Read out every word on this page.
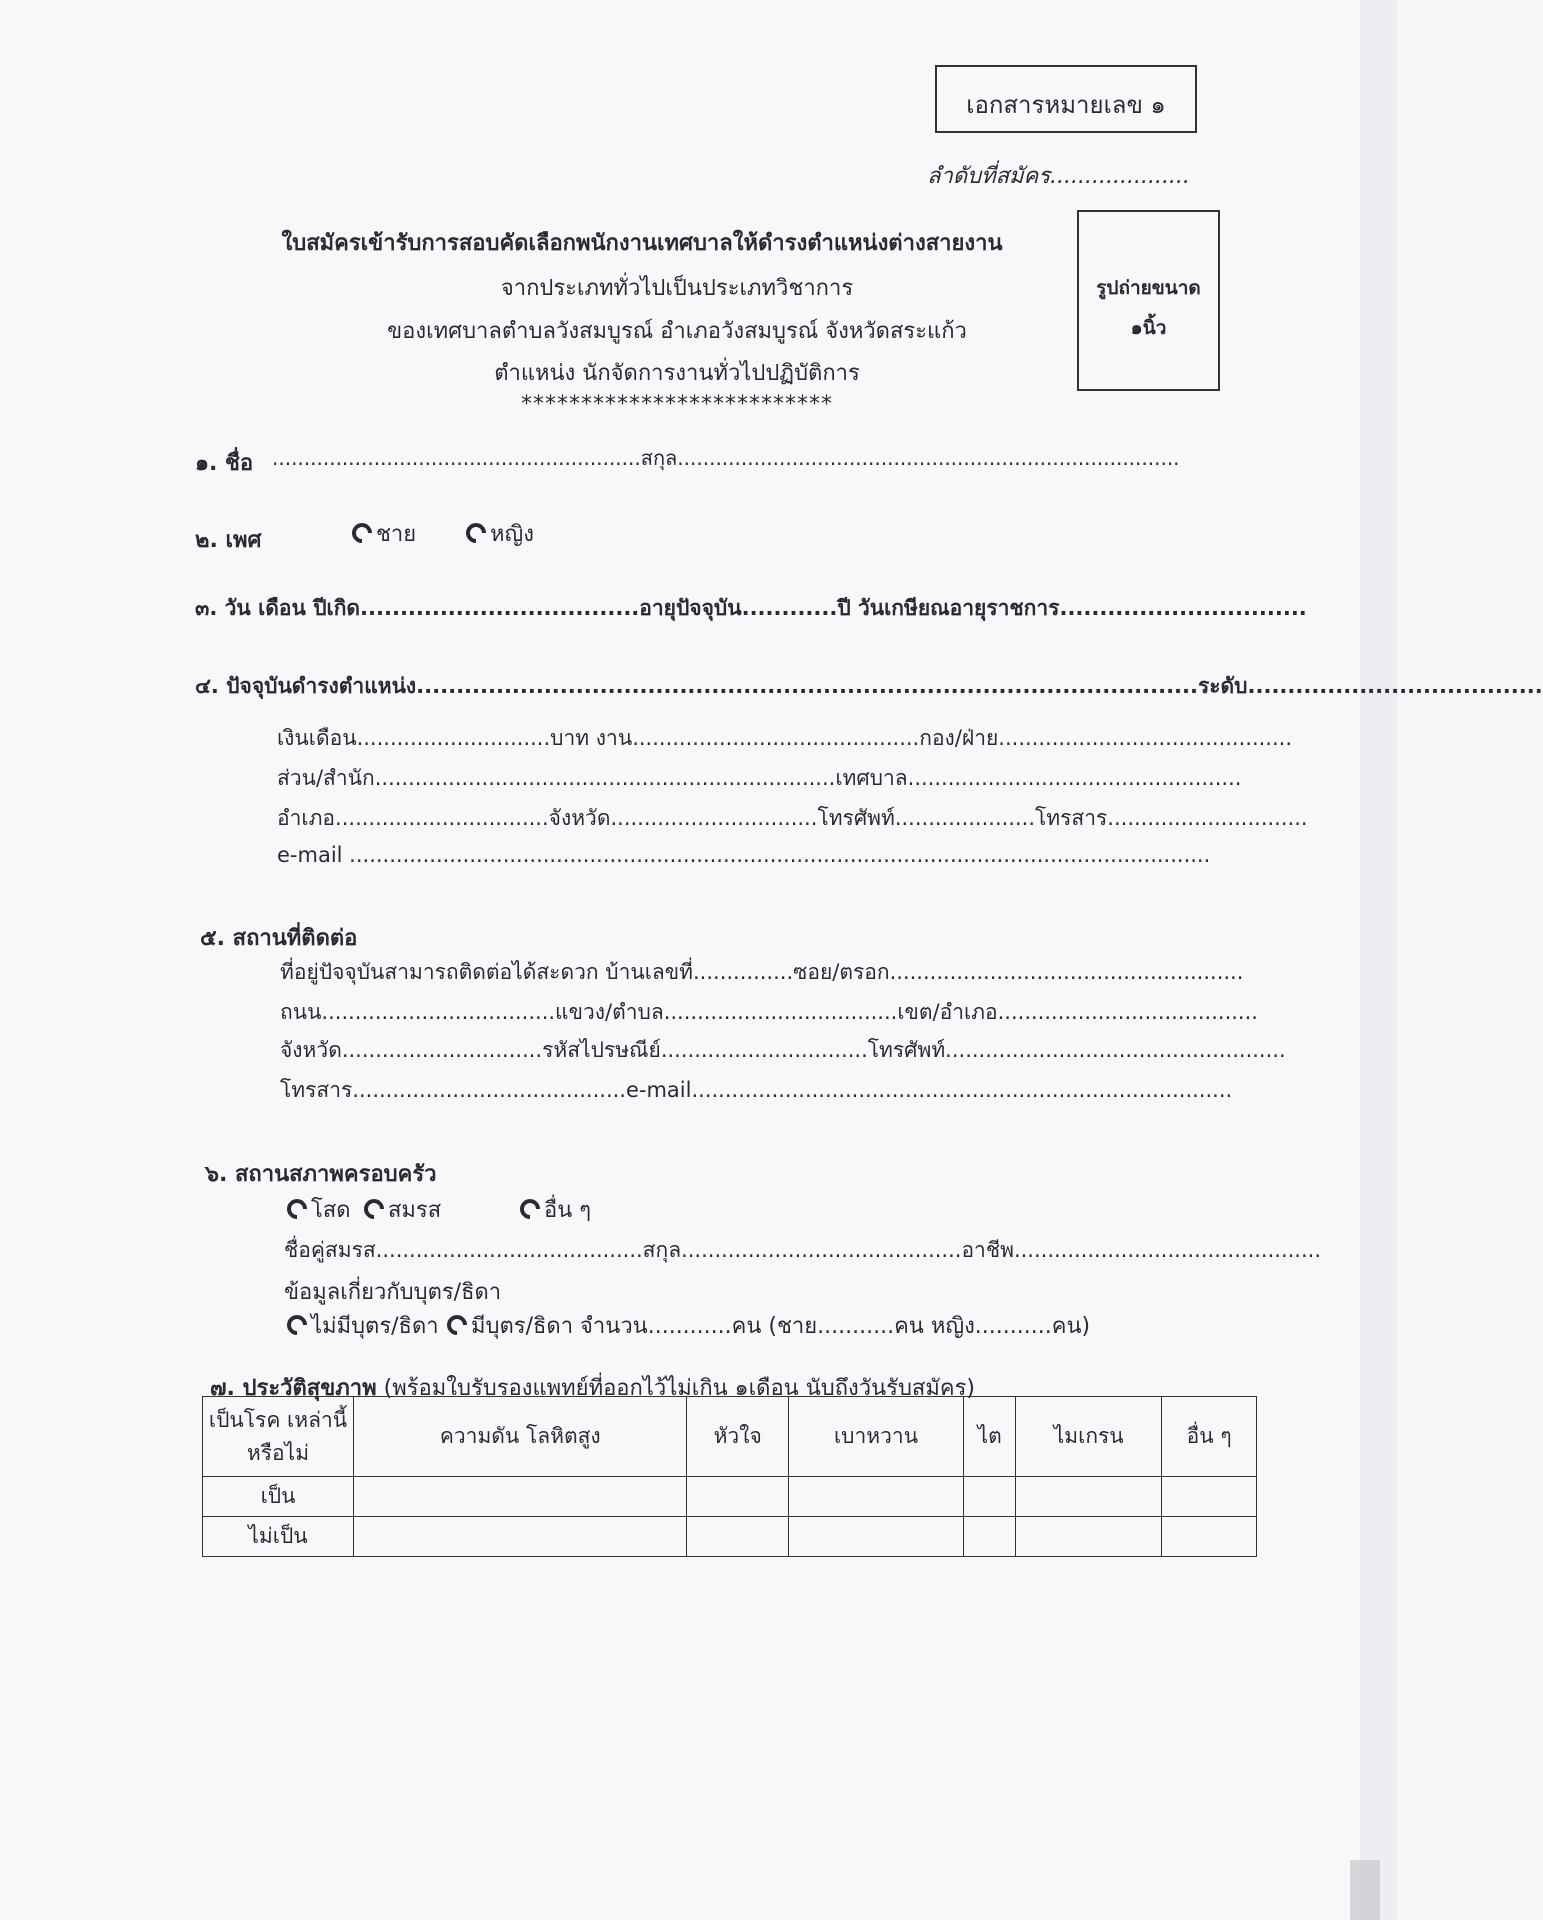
เอกสารหมายเลข ๑
ลำดับที่สมัคร....................
รูปถ่ายขนาด
๑นิ้ว
ใบสมัครเข้ารับการสอบคัดเลือกพนักงานเทศบาลให้ดำรงตำแหน่งต่างสายงาน
จากประเภททั่วไปเป็นประเภทวิชาการ
ของเทศบาลตำบลวังสมบูรณ์ อำเภอวังสมบูรณ์ จังหวัดสระแก้ว
ตำแหน่ง นักจัดการงานทั่วไปปฏิบัติการ
**************************
๑. ชื่อ ..........................................................สกุล...............................................................................
๒. เพศ	ชาย	หญิง
๓. วัน เดือน ปีเกิด...................................อายุปัจจุบัน............ปี วันเกษียณอายุราชการ...............................
๔. ปัจจุบันดำรงตำแหน่ง..................................................................................................ระดับ.....................................
เงินเดือน.............................บาท งาน...........................................กอง/ฝ่าย............................................
ส่วน/สำนัก.....................................................................เทศบาล..................................................
อำเภอ................................จังหวัด...............................โทรศัพท์.....................โทรสาร..............................
e-mail .................................................................................................................................
๕. สถานที่ติดต่อ
ที่อยู่ปัจจุบันสามารถติดต่อได้สะดวก บ้านเลขที่...............ซอย/ตรอก.....................................................
ถนน...................................แขวง/ตำบล...................................เขต/อำเภอ.......................................
จังหวัด..............................รหัสไปรษณีย์...............................โทรศัพท์...................................................
โทรสาร.........................................e-mail.................................................................................
๖. สถานสภาพครอบครัว
โสด	สมรส	อื่น ๆ
ชื่อคู่สมรส........................................สกุล..........................................อาชีพ..............................................
ข้อมูลเกี่ยวกับบุตร/ธิดา
ไม่มีบุตร/ธิดา	มีบุตร/ธิดา จำนวน............คน (ชาย...........คน หญิง...........คน)
๗. ประวัติสุขภาพ (พร้อมใบรับรองแพทย์ที่ออกไว้ไม่เกิน ๑เดือน นับถึงวันรับสมัคร)
เป็นโรค เหล่านี้หรือไม่	ความดัน โลหิตสูง	หัวใจ	เบาหวาน	ไต	ไมเกรน	อื่น ๆ
เป็น						
ไม่เป็น						
